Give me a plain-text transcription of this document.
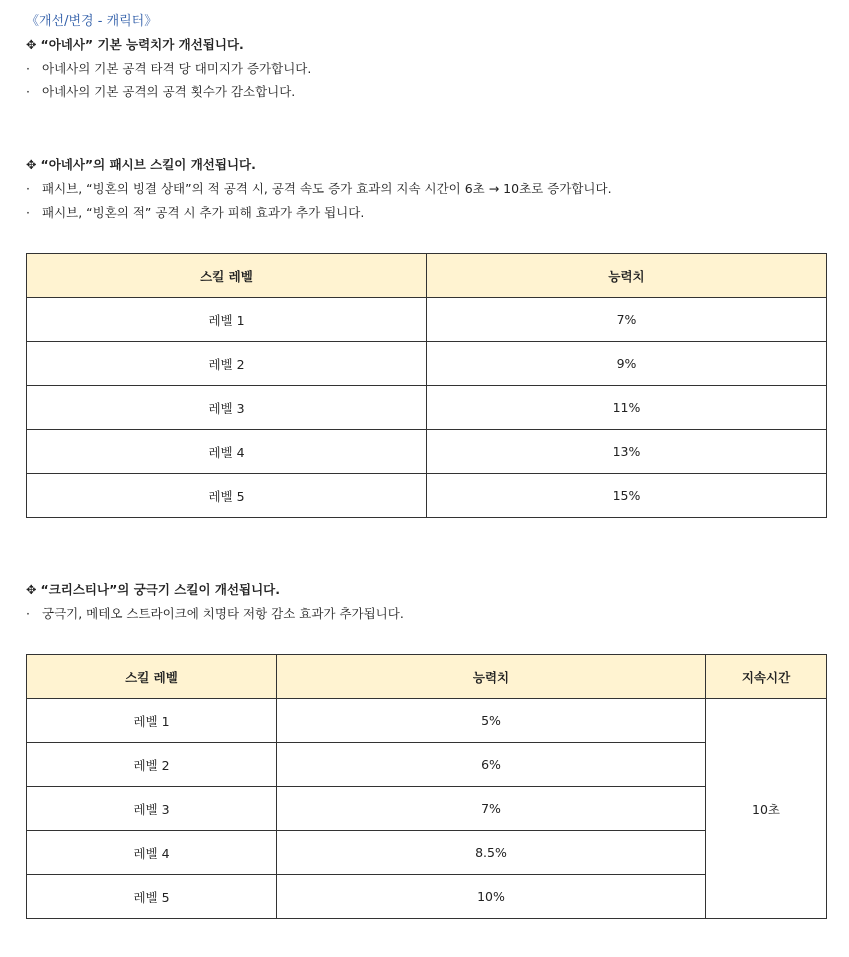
《개선/변경 - 캐릭터》
✥ “아네사” 기본 능력치가 개선됩니다.
· 아네사의 기본 공격 타격 당 대미지가 증가합니다.
· 아네사의 기본 공격의 공격 횟수가 감소합니다.
✥ “아네사”의 패시브 스킬이 개선됩니다.
· 패시브, “빙혼의 빙결 상태”의 적 공격 시, 공격 속도 증가 효과의 지속 시간이 6초 → 10초로 증가합니다.
· 패시브, “빙혼의 적” 공격 시 추가 피해 효과가 추가 됩니다.
스킬 레벨	능력치
레벨 1	7%
레벨 2	9%
레벨 3	11%
레벨 4	13%
레벨 5	15%
✥ “크리스티나”의 궁극기 스킬이 개선됩니다.
· 궁극기, 메테오 스트라이크에 치명타 저항 감소 효과가 추가됩니다.
스킬 레벨	능력치	지속시간
레벨 1	5%	10초
레벨 2	6%	
레벨 3	7%	
레벨 4	8.5%	
레벨 5	10%	
